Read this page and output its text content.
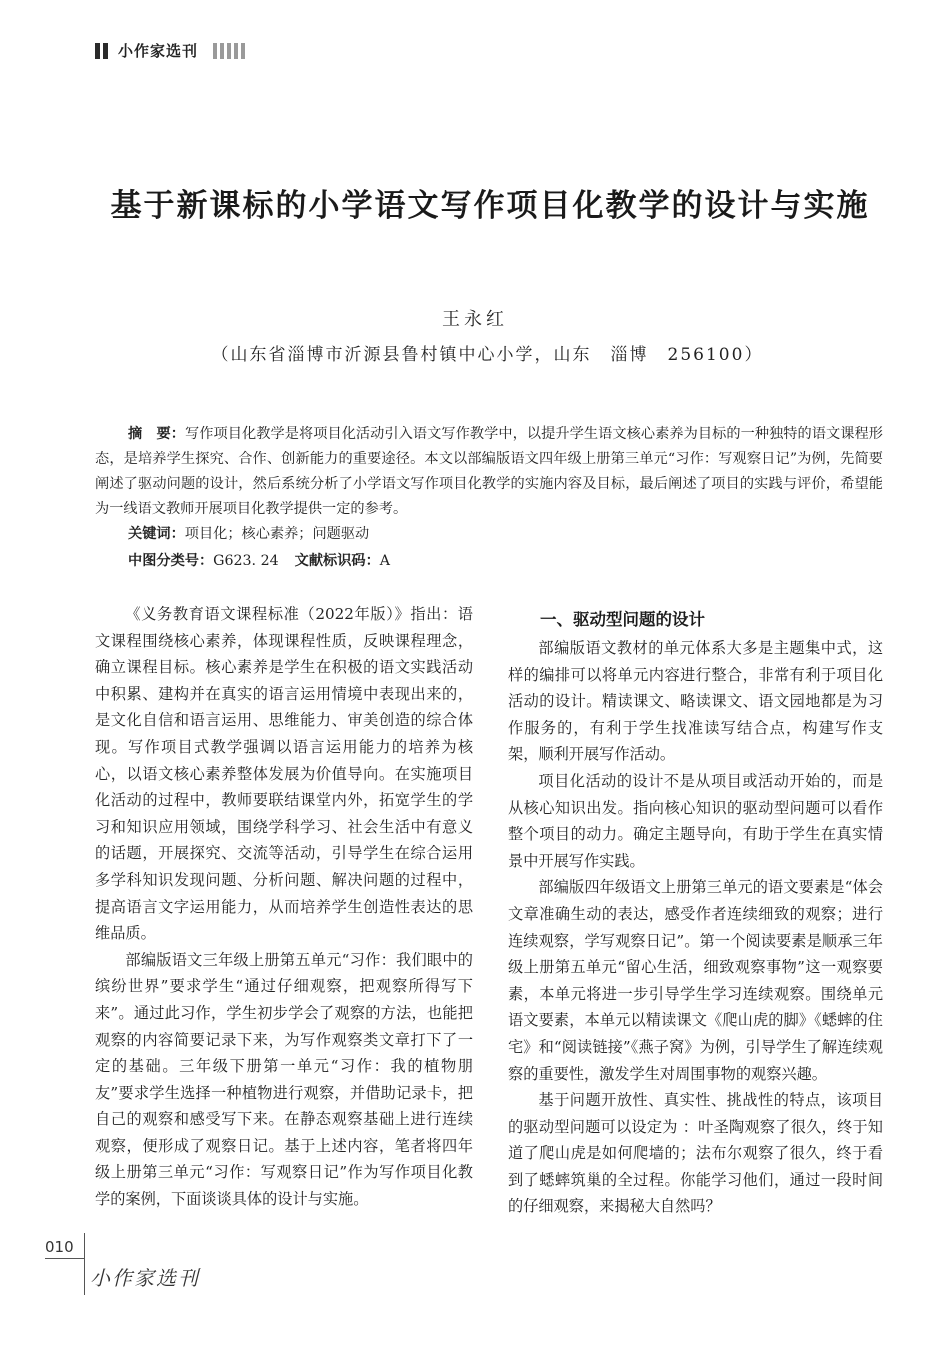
小作家选刊
基于新课标的小学语文写作项目化教学的设计与实施
王永红
（山东省淄博市沂源县鲁村镇中心小学，山东　淄博　256100）
摘　要：写作项目化教学是将项目化活动引入语文写作教学中，以提升学生语文核心素养为目标的一种独特的语文课程形态，是培养学生探究、合作、创新能力的重要途径。本文以部编版语文四年级上册第三单元“习作：写观察日记”为例，先简要阐述了驱动问题的设计，然后系统分析了小学语文写作项目化教学的实施内容及目标，最后阐述了项目的实践与评价，希望能为一线语文教师开展项目化教学提供一定的参考。
关键词：项目化；核心素养；问题驱动
中图分类号：G623. 24 文献标识码：A

《义务教育语文课程标准（2022年版）》指出：语文课程围绕核心素养，体现课程性质，反映课程理念，确立课程目标。核心素养是学生在积极的语文实践活动中积累、建构并在真实的语言运用情境中表现出来的，是文化自信和语言运用、思维能力、审美创造的综合体现。写作项目式教学强调以语言运用能力的培养为核心，以语文核心素养整体发展为价值导向。在实施项目化活动的过程中，教师要联结课堂内外，拓宽学生的学习和知识应用领域，围绕学科学习、社会生活中有意义的话题，开展探究、交流等活动，引导学生在综合运用多学科知识发现问题、分析问题、解决问题的过程中，提高语言文字运用能力，从而培养学生创造性表达的思维品质。

部编版语文三年级上册第五单元“习作：我们眼中的缤纷世界”要求学生“通过仔细观察，把观察所得写下来”。通过此习作，学生初步学会了观察的方法，也能把观察的内容简要记录下来，为写作观察类文章打下了一定的基础。三年级下册第一单元“习作：我的植物朋友”要求学生选择一种植物进行观察，并借助记录卡，把自己的观察和感受写下来。在静态观察基础上进行连续观察，便形成了观察日记。基于上述内容，笔者将四年级上册第三单元“习作：写观察日记”作为写作项目化教学的案例，下面谈谈具体的设计与实施。

一、驱动型问题的设计

部编版语文教材的单元体系大多是主题集中式，这样的编排可以将单元内容进行整合，非常有利于项目化活动的设计。精读课文、略读课文、语文园地都是为习作服务的，有利于学生找准读写结合点，构建写作支架，顺利开展写作活动。

项目化活动的设计不是从项目或活动开始的，而是从核心知识出发。指向核心知识的驱动型问题可以看作整个项目的动力。确定主题导向，有助于学生在真实情景中开展写作实践。

部编版四年级语文上册第三单元的语文要素是“体会文章准确生动的表达，感受作者连续细致的观察；进行连续观察，学写观察日记”。第一个阅读要素是顺承三年级上册第五单元“留心生活，细致观察事物”这一观察要素，本单元将进一步引导学生学习连续观察。围绕单元语文要素，本单元以精读课文《爬山虎的脚》《蟋蟀的住宅》和“阅读链接”《燕子窝》为例，引导学生了解连续观察的重要性，激发学生对周围事物的观察兴趣。

基于问题开放性、真实性、挑战性的特点，该项目的驱动型问题可以设定为 ：叶圣陶观察了很久，终于知道了爬山虎是如何爬墙的；法布尔观察了很久，终于看到了蟋蟀筑巢的全过程。你能学习他们，通过一段时间的仔细观察，来揭秘大自然吗？

010
小作家选刊
